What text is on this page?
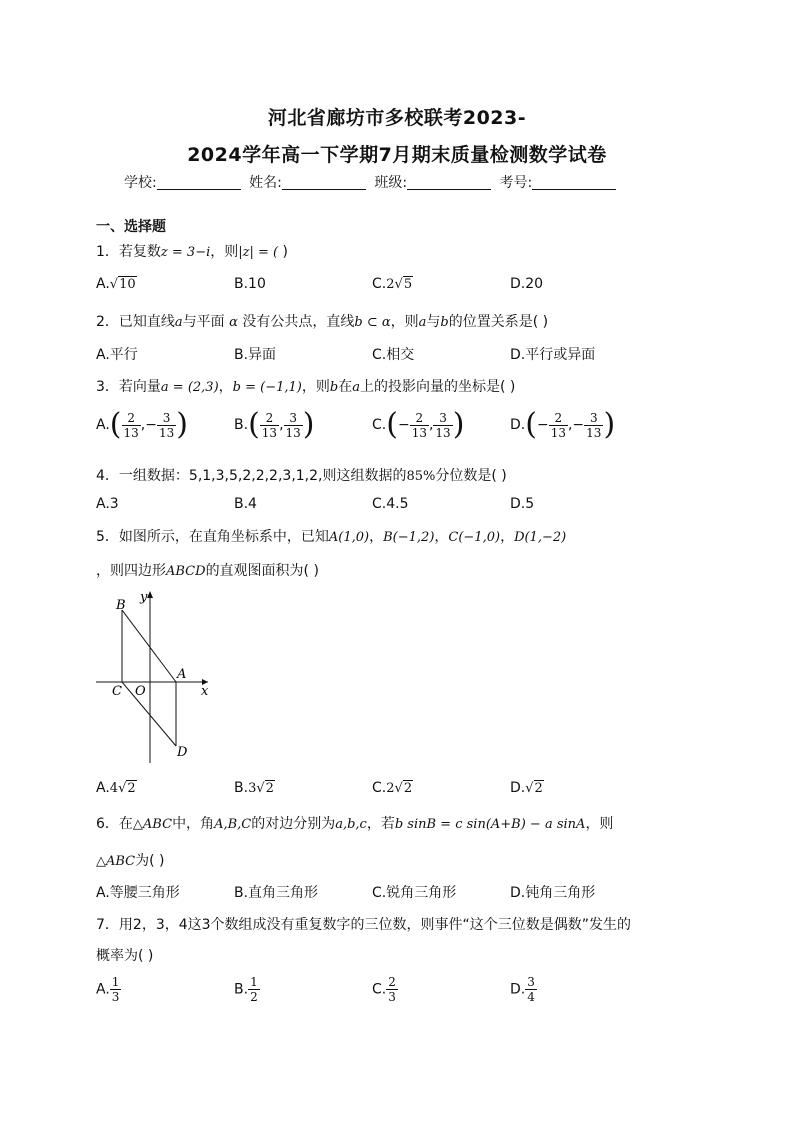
河北省廊坊市多校联考2023-
2024学年高一下学期7月期末质量检测数学试卷
学校:	姓名:	班级:	考号:
一、选择题
1．若复数z = 3−i，则|z| = ( )
A.√10	B.10	C.2√5	D.20
2．已知直线a与平面 α 没有公共点，直线b ⊂ α，则a与b的位置关系是( )
A.平行	B.异面	C.相交	D.平行或异面
3．若向量a = (2,3)，b = (−1,1)，则b在a上的投影向量的坐标是( )
$A.( \frac{2}{13}$ ,− $\frac{3}{13}$ )	$B.( \frac{2}{13}$ , $\frac{3}{13}$ )	$C.(- \frac{2}{13}$ , $\frac{3}{13}$ )	$D.(- \frac{2}{13}$ ,− $\frac{3}{13}$ )
4．一组数据：5,1,3,5,2,2,2,3,1,2,则这组数据的85%分位数是( )
A.3	B.4	C.4.5	D.5
5．如图所示，在直角坐标系中，已知A(1,0)，B(−1,2)，C(−1,0)，D(1,−2)
，则四边形ABCD的直观图面积为( )
B
y
A
C O	x
D
A.4√2	B.3√2	C.2√2	D.√2
6．在△ABC中，角A,B,C的对边分别为a,b,c，若b sinB = c sin(A+B) − a sinA，则
△ABC为( )
A.等腰三角形	B.直角三角形	C.锐角三角形	D.钝角三角形
7．用2，3，4这3个数组成没有重复数字的三位数，则事件“这个三位数是偶数”发生的
概率为( )
A. $\frac{1}{3}$	B. $\frac{1}{2}$	C. $\frac{2}{3}$	D. $\frac{3}{4}$
